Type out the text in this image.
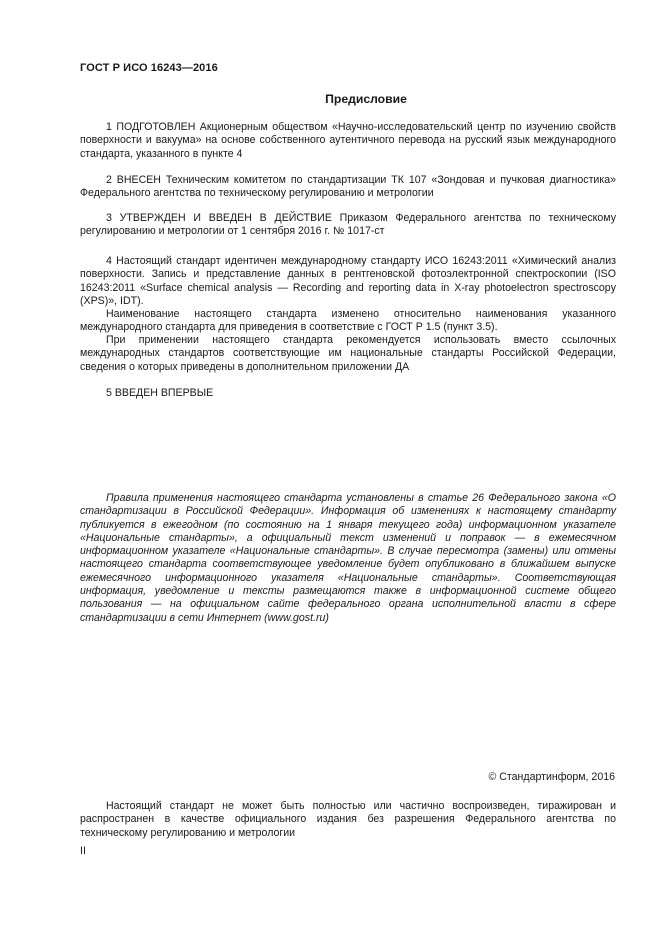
ГОСТ Р ИСО 16243—2016
Предисловие

1 ПОДГОТОВЛЕН Акционерным обществом «Научно-исследовательский центр по изучению свойств поверхности и вакуума» на основе собственного аутентичного перевода на русский язык международного стандарта, указанного в пункте 4

2 ВНЕСЕН Техническим комитетом по стандартизации ТК 107 «Зондовая и пучковая диагностика» Федерального агентства по техническому регулированию и метрологии

3 УТВЕРЖДЕН И ВВЕДЕН В ДЕЙСТВИЕ Приказом Федерального агентства по техническому регулированию и метрологии от 1 сентября 2016 г. № 1017-ст

4 Настоящий стандарт идентичен международному стандарту ИСО 16243:2011 «Химический анализ поверхности. Запись и представление данных в рентгеновской фотоэлектронной спектроскопии (ISO 16243:2011 «Surface chemical analysis — Recording and reporting data in X-ray photoelectron spectroscopy (XPS)», IDT).

Наименование настоящего стандарта изменено относительно наименования указанного международного стандарта для приведения в соответствие с ГОСТ Р 1.5 (пункт 3.5).

При применении настоящего стандарта рекомендуется использовать вместо ссылочных международных стандартов соответствующие им национальные стандарты Российской Федерации, сведения о которых приведены в дополнительном приложении ДА

5 ВВЕДЕН ВПЕРВЫЕ

Правила применения настоящего стандарта установлены в статье 26 Федерального закона «О стандартизации в Российской Федерации». Информация об изменениях к настоящему стандарту публикуется в ежегодном (по состоянию на 1 января текущего года) информационном указателе «Национальные стандарты», а официальный текст изменений и поправок — в ежемесячном информационном указателе «Национальные стандарты». В случае пересмотра (замены) или отмены настоящего стандарта соответствующее уведомление будет опубликовано в ближайшем выпуске ежемесячного информационного указателя «Национальные стандарты». Соответствующая информация, уведомление и тексты размещаются также в информационной системе общего пользования — на официальном сайте федерального органа исполнительной власти в сфере стандартизации в сети Интернет (www.gost.ru)

© Стандартинформ, 2016

Настоящий стандарт не может быть полностью или частично воспроизведен, тиражирован и распространен в качестве официального издания без разрешения Федерального агентства по техническому регулированию и метрологии

II
